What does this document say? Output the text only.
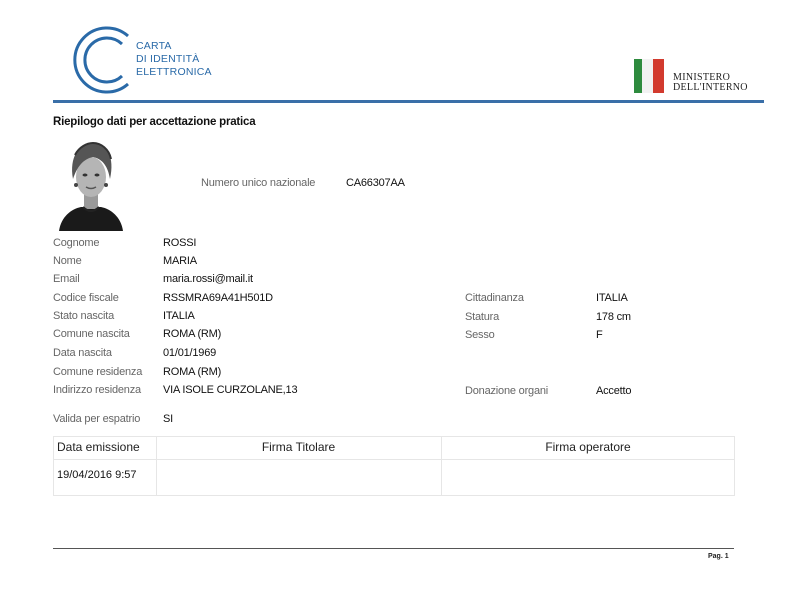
CARTA
DI IDENTITÀ
ELETTRONICA	MINISTERO
DELL'INTERNO
Riepilogo dati per accettazione pratica
Numero unico nazionale	CA66307AA
Cognome	ROSSI
Nome	MARIA
Email	maria.rossi@mail.it
Codice fiscale	RSSMRA69A41H501D
Stato nascita	ITALIA
Comune nascita	ROMA (RM)
Data nascita	01/01/1969
Comune residenza ROMA (RM)
Indirizzo residenza VIA ISOLE CURZOLANE,13
Cittadinanza	ITALIA
Statura	178 cm
Sesso	F
Donazione organi	Accetto
Valida per espatrio SI
Data emissione	Firma Titolare	Firma operatore
19/04/2016 9:57
Pag. 1
